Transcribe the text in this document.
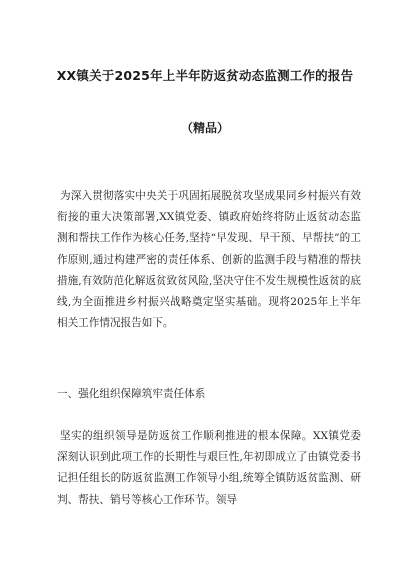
XX镇关于2025年上半年防返贫动态监测工作的报告
（精品）

为深入贯彻落实中央关于巩固拓展脱贫攻坚成果同乡村振兴有效衔接的重大决策部署,XX镇党委、镇政府始终将防止返贫动态监测和帮扶工作作为核心任务,坚持“早发现、早干预、早帮扶”的工作原则,通过构建严密的责任体系、创新的监测手段与精准的帮扶措施,有效防范化解返贫致贫风险,坚决守住不发生规模性返贫的底线,为全面推进乡村振兴战略奠定坚实基础。现将2025年上半年相关工作情况报告如下。

一、强化组织保障筑牢责任体系

坚实的组织领导是防返贫工作顺利推进的根本保障。XX镇党委深刻认识到此项工作的长期性与艰巨性,年初即成立了由镇党委书记担任组长的防返贫监测工作领导小组,统筹全镇防返贫监测、研判、帮扶、销号等核心工作环节。领导
